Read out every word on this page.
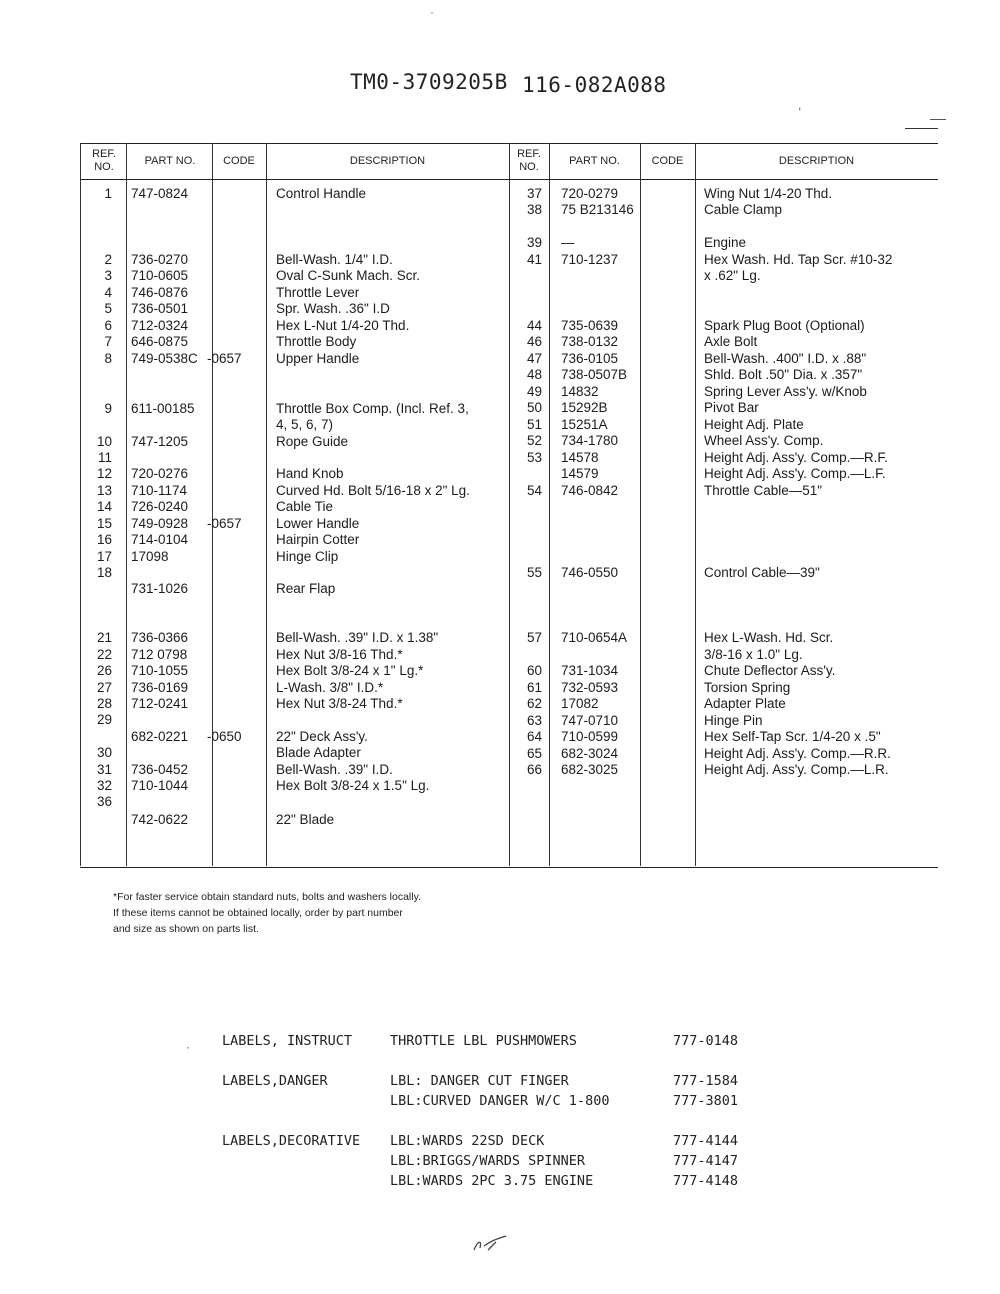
TM0-3709205B 116-082A088
·
,
REF. NO.
PART NO.	CODE	DESCRIPTION
REF. NO.
PART NO.	CODE	DESCRIPTION
1 747-0824	Control Handle
2 736-0270	Bell-Wash. 1/4" I.D.
3 710-0605	Oval C-Sunk Mach. Scr.
4 746-0876	Throttle Lever
5 736-0501	Spr. Wash. .36" I.D
6 712-0324	Hex L-Nut 1/4-20 Thd.
7 646-0875	Throttle Body
8 749-0538C -0657	Upper Handle
9 611-00185	Throttle Box Comp. (Incl. Ref. 3,
4, 5, 6, 7)
10 747-1205	Rope Guide
11
12 720-0276	Hand Knob
13 710-1174	Curved Hd. Bolt 5/16-18 x 2" Lg.
14 726-0240	Cable Tie
15 749-0928 -0657	Lower Handle
16 714-0104	Hairpin Cotter
17 17098	Hinge Clip
18
731-1026	Rear Flap
21 736-0366	Bell-Wash. .39" I.D. x 1.38"
22 712 0798	Hex Nut 3/8-16 Thd.*
26 710-1055	Hex Bolt 3/8-24 x 1" Lg.*
27 736-0169	L-Wash. 3/8" I.D.*
28 712-0241	Hex Nut 3/8-24 Thd.*
29
682-0221 -0650	22" Deck Ass'y.
30	Blade Adapter
31 736-0452	Bell-Wash. .39" I.D.
32 710-1044	Hex Bolt 3/8-24 x 1.5" Lg.
36
742-0622	22" Blade
37 720-0279	Wing Nut 1/4-20 Thd.
38 75 B213146	Cable Clamp
39 —	Engine
41 710-1237	Hex Wash. Hd. Tap Scr. #10-32
x .62" Lg.
44 735-0639	Spark Plug Boot (Optional)
46 738-0132	Axle Bolt
47 736-0105	Bell-Wash. .400" I.D. x .88"
48 738-0507B	Shld. Bolt .50" Dia. x .357"
49 14832	Spring Lever Ass'y. w/Knob
50 15292B	Pivot Bar
51 15251A	Height Adj. Plate
52 734-1780	Wheel Ass'y. Comp.
53 14578	Height Adj. Ass'y. Comp.—R.F.
14579	Height Adj. Ass'y. Comp.—L.F.
54 746-0842	Throttle Cable—51"
55 746-0550	Control Cable—39"
57 710-0654A	Hex L-Wash. Hd. Scr.
3/8-16 x 1.0" Lg.
60 731-1034	Chute Deflector Ass'y.
61 732-0593	Torsion Spring
62 17082	Adapter Plate
63 747-0710	Hinge Pin
64 710-0599	Hex Self-Tap Scr. 1/4-20 x .5"
65 682-3024	Height Adj. Ass'y. Comp.—R.R.
66 682-3025	Height Adj. Ass'y. Comp.—L.R.
*For faster service obtain standard nuts, bolts and washers locally.
If these items cannot be obtained locally, order by part number
and size as shown on parts list.
LABELS, INSTRUCT	THROTTLE LBL PUSHMOWERS	777-0148
LABELS,DANGER	LBL: DANGER CUT FINGER	777-1584
LBL:CURVED DANGER W/C 1-800	777-3801
LABELS,DECORATIVE LBL:WARDS 22SD DECK	777-4144
LBL:BRIGGS/WARDS SPINNER	777-4147
LBL:WARDS 2PC 3.75 ENGINE	777-4148
·
